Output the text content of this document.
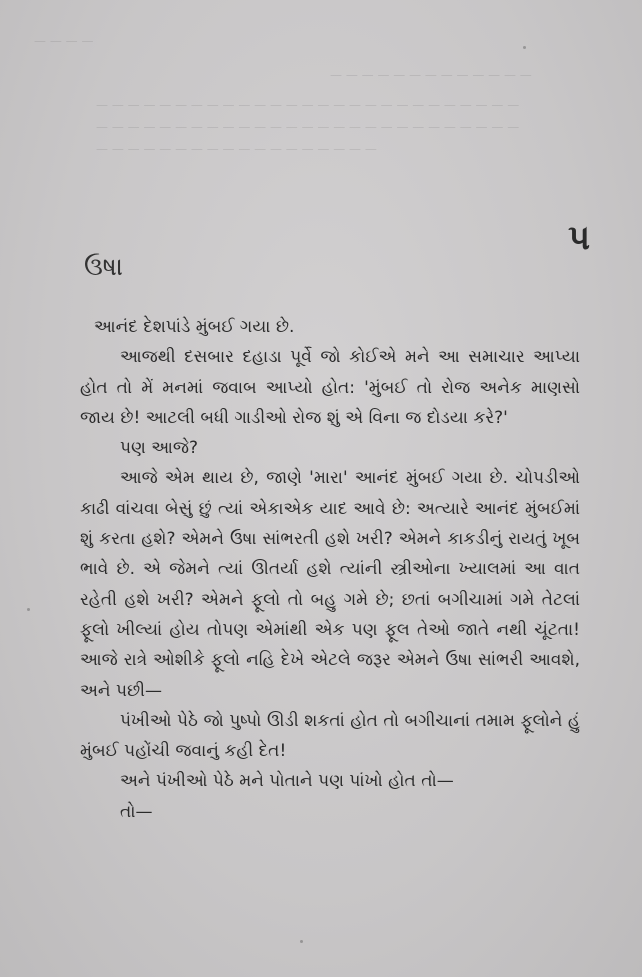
— — — —
— — — — — — — — — — — — —
— — — — — — — — — — — — — — — — — — — — — — — — — — —
— — — — — — — — — — — — — — — — — — — — — — — — — — —
— — — — — — — — — — — — — — — — — —
પ
ઉષા

આનંદ દેશપાંડે મુંબઈ ગયા છે.

આજથી દસબાર દહાડા પૂર્વે જો કોઈએ મને આ સમાચાર આપ્યા હોત તો મેં મનમાં જવાબ આપ્યો હોત: 'મુંબઈ તો રોજ અનેક માણસો જાય છે! આટલી બધી ગાડીઓ રોજ શું એ વિના જ દોડયા કરે?'

પણ આજે?

આજે એમ થાય છે, જાણે 'મારા' આનંદ મુંબઈ ગયા છે. ચોપડીઓ કાઢી વાંચવા બેસું છું ત્યાં એકાએક યાદ આવે છે: અત્યારે આનંદ મુંબઈમાં શું કરતા હશે? એમને ઉષા સાંભરતી હશે ખરી? એમને કાકડીનું રાયતું ખૂબ ભાવે છે. એ જેમને ત્યાં ઊતર્યા હશે ત્યાંની સ્ત્રીઓના ખ્યાલમાં આ વાત રહેતી હશે ખરી? એમને ફૂલો તો બહુ ગમે છે; છતાં બગીચામાં ગમે તેટલાં ફૂલો ખીલ્યાં હોય તોપણ એમાંથી એક પણ ફૂલ તેઓ જાતે નથી ચૂંટતા! આજે રાત્રે ઓશીકે ફૂલો નહિ દેખે એટલે જરૂર એમને ઉષા સાંભરી આવશે, અને પછી—

પંખીઓ પેઠે જો પુષ્પો ઊડી શકતાં હોત તો બગીચાનાં તમામ ફૂલોને હું મુંબઈ પહોંચી જવાનું કહી દેત!

અને પંખીઓ પેઠે મને પોતાને પણ પાંખો હોત તો—

તો—
